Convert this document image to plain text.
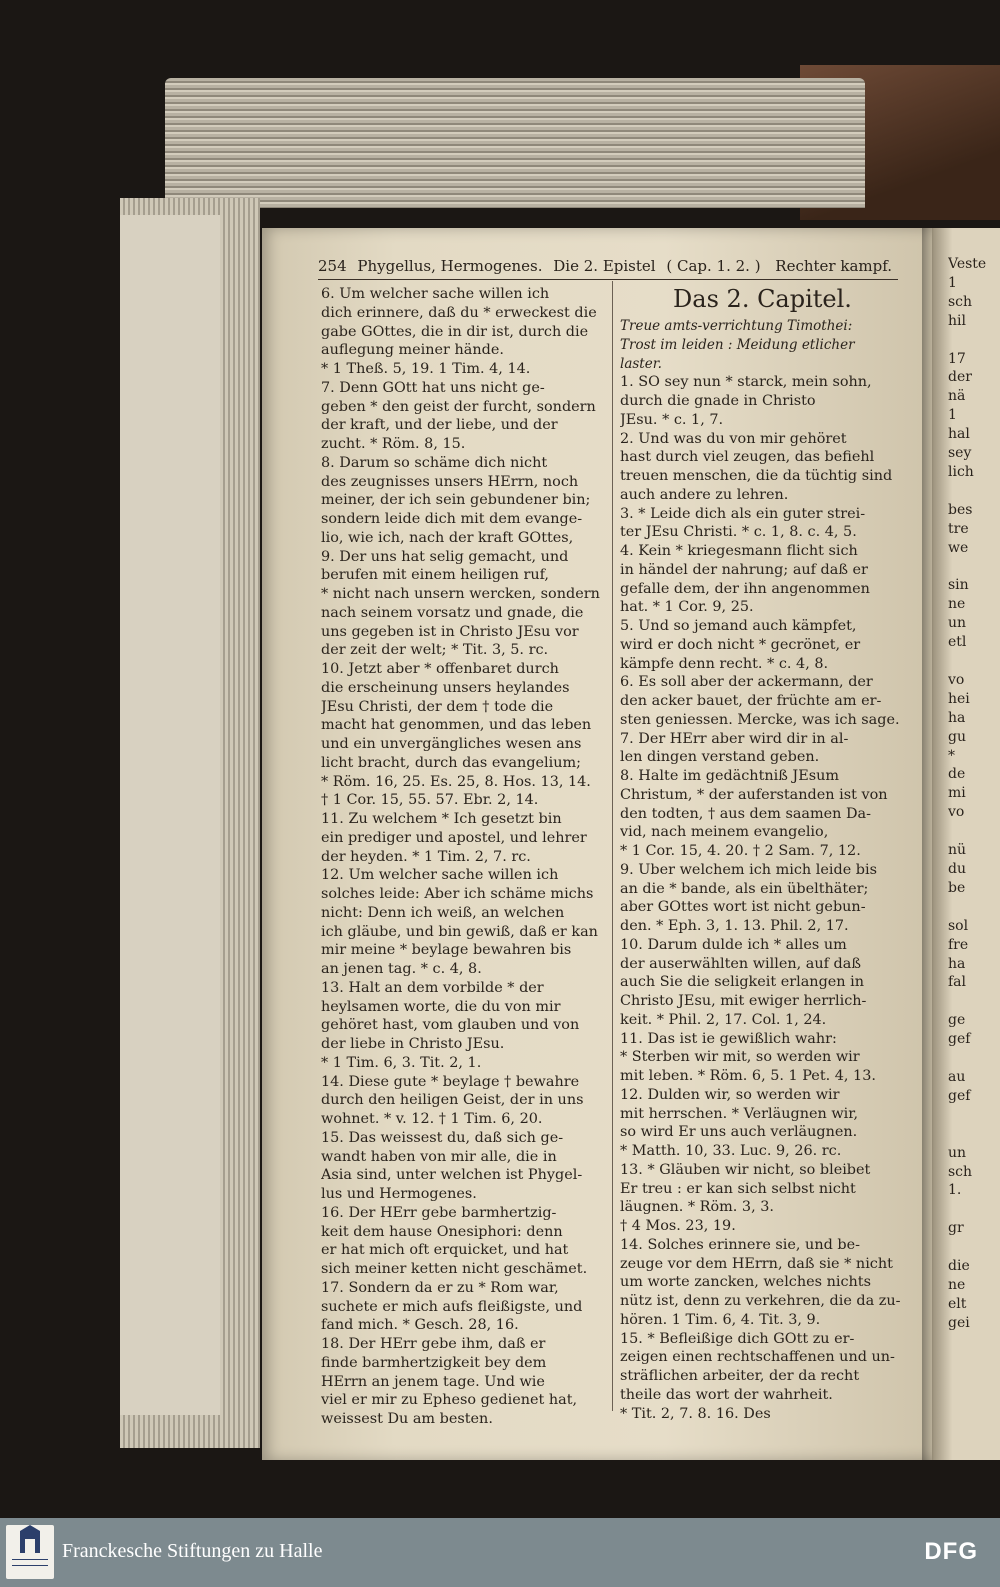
254 Phygellus, Hermogenes. Die 2. Epistel ( Cap. 1. 2. ) Rechter kampf.

6. Um welcher sache willen ich

dich erinnere, daß du * erweckest die

gabe GOttes, die in dir ist, durch die

auflegung meiner hände.

* 1 Theß. 5, 19. 1 Tim. 4, 14.

7. Denn GOtt hat uns nicht ge-

geben * den geist der furcht, sondern

der kraft, und der liebe, und der

zucht. * Röm. 8, 15.

8. Darum so schäme dich nicht

des zeugnisses unsers HErrn, noch

meiner, der ich sein gebundener bin;

sondern leide dich mit dem evange-

lio, wie ich, nach der kraft GOttes,

9. Der uns hat selig gemacht, und

berufen mit einem heiligen ruf,

* nicht nach unsern wercken, sondern

nach seinem vorsatz und gnade, die

uns gegeben ist in Christo JEsu vor

der zeit der welt; * Tit. 3, 5. rc.

10. Jetzt aber * offenbaret durch

die erscheinung unsers heylandes

JEsu Christi, der dem † tode die

macht hat genommen, und das leben

und ein unvergängliches wesen ans

licht bracht, durch das evangelium;

* Röm. 16, 25. Es. 25, 8. Hos. 13, 14.

† 1 Cor. 15, 55. 57. Ebr. 2, 14.

11. Zu welchem * Ich gesetzt bin

ein prediger und apostel, und lehrer

der heyden. * 1 Tim. 2, 7. rc.

12. Um welcher sache willen ich

solches leide: Aber ich schäme michs

nicht: Denn ich weiß, an welchen

ich gläube, und bin gewiß, daß er kan

mir meine * beylage bewahren bis

an jenen tag. * c. 4, 8.

13. Halt an dem vorbilde * der

heylsamen worte, die du von mir

gehöret hast, vom glauben und von

der liebe in Christo JEsu.

* 1 Tim. 6, 3. Tit. 2, 1.

14. Diese gute * beylage † bewahre

durch den heiligen Geist, der in uns

wohnet. * v. 12. † 1 Tim. 6, 20.

15. Das weissest du, daß sich ge-

wandt haben von mir alle, die in

Asia sind, unter welchen ist Phygel-

lus und Hermogenes.

16. Der HErr gebe barmhertzig-

keit dem hause Onesiphori: denn

er hat mich oft erquicket, und hat

sich meiner ketten nicht geschämet.

17. Sondern da er zu * Rom war,

suchete er mich aufs fleißigste, und

fand mich. * Gesch. 28, 16.

18. Der HErr gebe ihm, daß er

finde barmhertzigkeit bey dem

HErrn an jenem tage. Und wie

viel er mir zu Epheso gedienet hat,

weissest Du am besten.

Das 2. Capitel.

Treue amts-verrichtung Timothei:

Trost im leiden : Meidung etlicher

laster.

1. SO sey nun * starck, mein sohn,

durch die gnade in Christo

JEsu. * c. 1, 7.

2. Und was du von mir gehöret

hast durch viel zeugen, das befiehl

treuen menschen, die da tüchtig sind

auch andere zu lehren.

3. * Leide dich als ein guter strei-

ter JEsu Christi. * c. 1, 8. c. 4, 5.

4. Kein * kriegesmann flicht sich

in händel der nahrung; auf daß er

gefalle dem, der ihn angenommen

hat. * 1 Cor. 9, 25.

5. Und so jemand auch kämpfet,

wird er doch nicht * gecrönet, er

kämpfe denn recht. * c. 4, 8.

6. Es soll aber der ackermann, der

den acker bauet, der früchte am er-

sten geniessen. Mercke, was ich sage.

7. Der HErr aber wird dir in al-

len dingen verstand geben.

8. Halte im gedächtniß JEsum

Christum, * der auferstanden ist von

den todten, † aus dem saamen Da-

vid, nach meinem evangelio,

* 1 Cor. 15, 4. 20. † 2 Sam. 7, 12.

9. Uber welchem ich mich leide bis

an die * bande, als ein übelthäter;

aber GOttes wort ist nicht gebun-

den. * Eph. 3, 1. 13. Phil. 2, 17.

10. Darum dulde ich * alles um

der auserwählten willen, auf daß

auch Sie die seligkeit erlangen in

Christo JEsu, mit ewiger herrlich-

keit. * Phil. 2, 17. Col. 1, 24.

11. Das ist ie gewißlich wahr:

* Sterben wir mit, so werden wir

mit leben. * Röm. 6, 5. 1 Pet. 4, 13.

12. Dulden wir, so werden wir

mit herrschen. * Verläugnen wir,

so wird Er uns auch verläugnen.

* Matth. 10, 33. Luc. 9, 26. rc.

13. * Gläuben wir nicht, so bleibet

Er treu : er kan sich selbst nicht

läugnen. * Röm. 3, 3.

† 4 Mos. 23, 19.

14. Solches erinnere sie, und be-

zeuge vor dem HErrn, daß sie * nicht

um worte zancken, welches nichts

nütz ist, denn zu verkehren, die da zu-

hören. 1 Tim. 6, 4. Tit. 3, 9.

15. * Befleißige dich GOtt zu er-

zeigen einen rechtschaffenen und un-

sträflichen arbeiter, der da recht

theile das wort der wahrheit.

* Tit. 2, 7. 8. 16. Des

Veste

1

sch

hil

17

der

nä

1

hal

sey

lich

bes

tre

we

sin

ne

un

etl

vo

hei

ha

gu

*

de

mi

vo

nü

du

be

sol

fre

ha

fal

ge

gef

au

gef

un

sch

1.

gr

die

ne

elt

gei

Franckesche Stiftungen zu Halle	DFG
